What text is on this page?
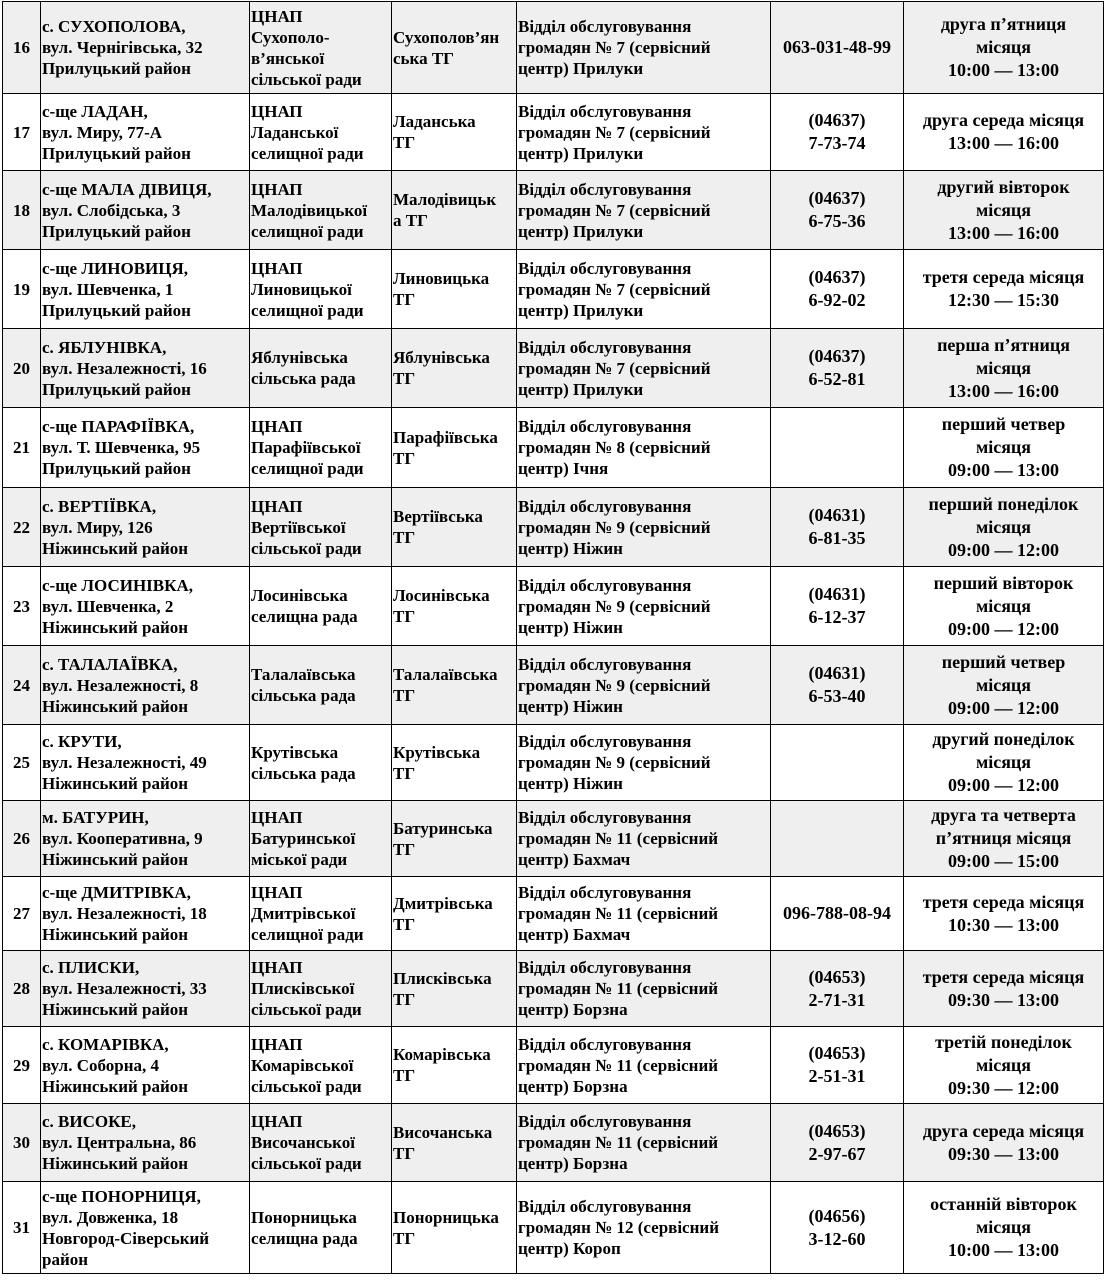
16	с. СУХОПОЛОВА,
вул. Чернігівська, 32
Прилуцький район	ЦНАП
Сухополо-
в’янської
сільської ради	Сухополов’ян
ська ТГ	Відділ обслуговування
громадян № 7 (сервісний
центр) Прилуки	063-031-48-99	друга п’ятниця
місяця
10:00 — 13:00

17	с-ще ЛАДАН,
вул. Миру, 77-А
Прилуцький район	ЦНАП
Ладанської
селищної ради	Ладанська
ТГ	Відділ обслуговування
громадян № 7 (сервісний
центр) Прилуки	(04637)
7-73-74	друга середа місяця
13:00 — 16:00

18	с-ще МАЛА ДІВИЦЯ,
вул. Слобідська, 3
Прилуцький район	ЦНАП
Малодівицької
селищної ради	Малодівицьк
а ТГ	Відділ обслуговування
громадян № 7 (сервісний
центр) Прилуки	(04637)
6-75-36	другий вівторок
місяця
13:00 — 16:00

19	с-ще ЛИНОВИЦЯ,
вул. Шевченка, 1
Прилуцький район	ЦНАП
Линовицької
селищної ради	Линовицька
ТГ	Відділ обслуговування
громадян № 7 (сервісний
центр) Прилуки	(04637)
6-92-02	третя середа місяця
12:30 — 15:30

20	с. ЯБЛУНІВКА,
вул. Незалежності, 16
Прилуцький район	Яблунівська
сільська рада	Яблунівська
ТГ	Відділ обслуговування
громадян № 7 (сервісний
центр) Прилуки	(04637)
6-52-81	перша п’ятниця
місяця
13:00 — 16:00

21	с-ще ПАРАФІЇВКА,
вул. Т. Шевченка, 95
Прилуцький район	ЦНАП
Парафіївської
селищної ради	Парафіївська
ТГ	Відділ обслуговування
громадян № 8 (сервісний
центр) Ічня		перший четвер
місяця
09:00 — 13:00

22	с. ВЕРТІЇВКА,
вул. Миру, 126
Ніжинський район	ЦНАП
Вертіївської
сільської ради	Вертіївська
ТГ	Відділ обслуговування
громадян № 9 (сервісний
центр) Ніжин	(04631)
6-81-35	перший понеділок
місяця
09:00 — 12:00

23	с-ще ЛОСИНІВКА,
вул. Шевченка, 2
Ніжинський район	Лосинівська
селищна рада	Лосинівська
ТГ	Відділ обслуговування
громадян № 9 (сервісний
центр) Ніжин	(04631)
6-12-37	перший вівторок
місяця
09:00 — 12:00

24	с. ТАЛАЛАЇВКА,
вул. Незалежності, 8
Ніжинський район	Талалаївська
сільська рада	Талалаївська
ТГ	Відділ обслуговування
громадян № 9 (сервісний
центр) Ніжин	(04631)
6-53-40	перший четвер
місяця
09:00 — 12:00

25	с. КРУТИ,
вул. Незалежності, 49
Ніжинський район	Крутівська
сільська рада	Крутівська
ТГ	Відділ обслуговування
громадян № 9 (сервісний
центр) Ніжин		другий понеділок
місяця
09:00 — 12:00

26	м. БАТУРИН,
вул. Кооперативна, 9
Ніжинський район	ЦНАП
Батуринської
міської ради	Батуринська
ТГ	Відділ обслуговування
громадян № 11 (сервісний
центр) Бахмач		друга та четверта
п’ятниця місяця
09:00 — 15:00

27	с-ще ДМИТРІВКА,
вул. Незалежності, 18
Ніжинський район	ЦНАП
Дмитрівської
селищної ради	Дмитрівська
ТГ	Відділ обслуговування
громадян № 11 (сервісний
центр) Бахмач	096-788-08-94	третя середа місяця
10:30 — 13:00

28	с. ПЛИСКИ,
вул. Незалежності, 33
Ніжинський район	ЦНАП
Плисківської
сільської ради	Плисківська
ТГ	Відділ обслуговування
громадян № 11 (сервісний
центр) Борзна	(04653)
2-71-31	третя середа місяця
09:30 — 13:00

29	с. КОМАРІВКА,
вул. Соборна, 4
Ніжинський район	ЦНАП
Комарівської
сільської ради	Комарівська
ТГ	Відділ обслуговування
громадян № 11 (сервісний
центр) Борзна	(04653)
2-51-31	третій понеділок
місяця
09:30 — 12:00

30	с. ВИСОКЕ,
вул. Центральна, 86
Ніжинський район	ЦНАП
Височанської
сільської ради	Височанська
ТГ	Відділ обслуговування
громадян № 11 (сервісний
центр) Борзна	(04653)
2-97-67	друга середа місяця
09:30 — 13:00

31	с-ще ПОНОРНИЦЯ,
вул. Довженка, 18
Новгород-Сіверський
район	Понорницька
селищна рада	Понорницька
ТГ	Відділ обслуговування
громадян № 12 (сервісний
центр) Короп	(04656)
3-12-60	останній вівторок
місяця
10:00 — 13:00
